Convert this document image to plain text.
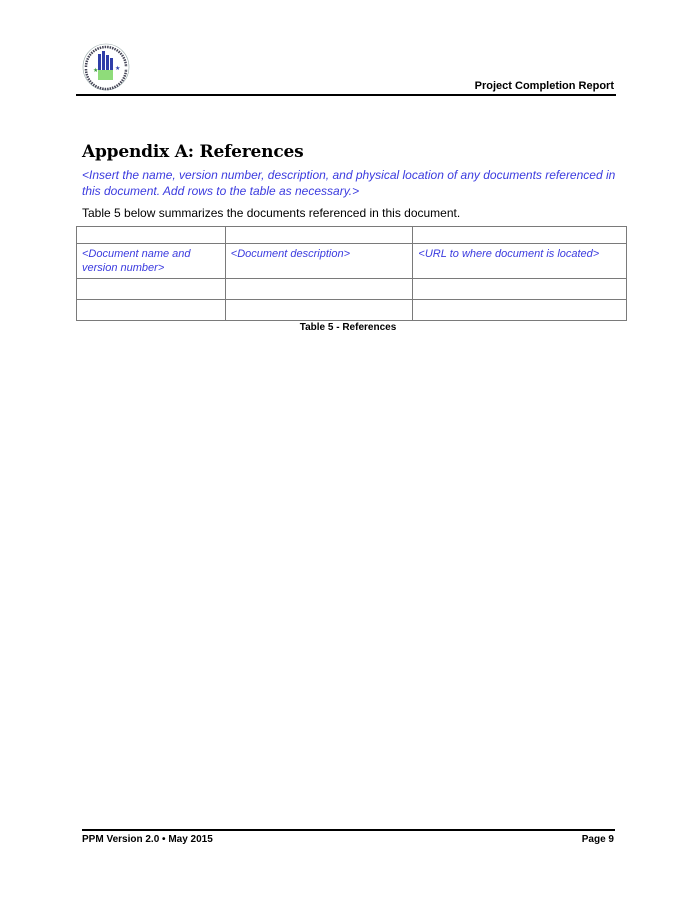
★	★
Project Completion Report
Appendix A: References
<Insert the name, version number, description, and physical location of any documents referenced in this document. Add rows to the table as necessary.>
Table 5 below summarizes the documents referenced in this document.

<Document name and version number>	<Document description>	<URL to where document is located>

Table 5 - References
PPM Version 2.0 • May 2015	Page 9
